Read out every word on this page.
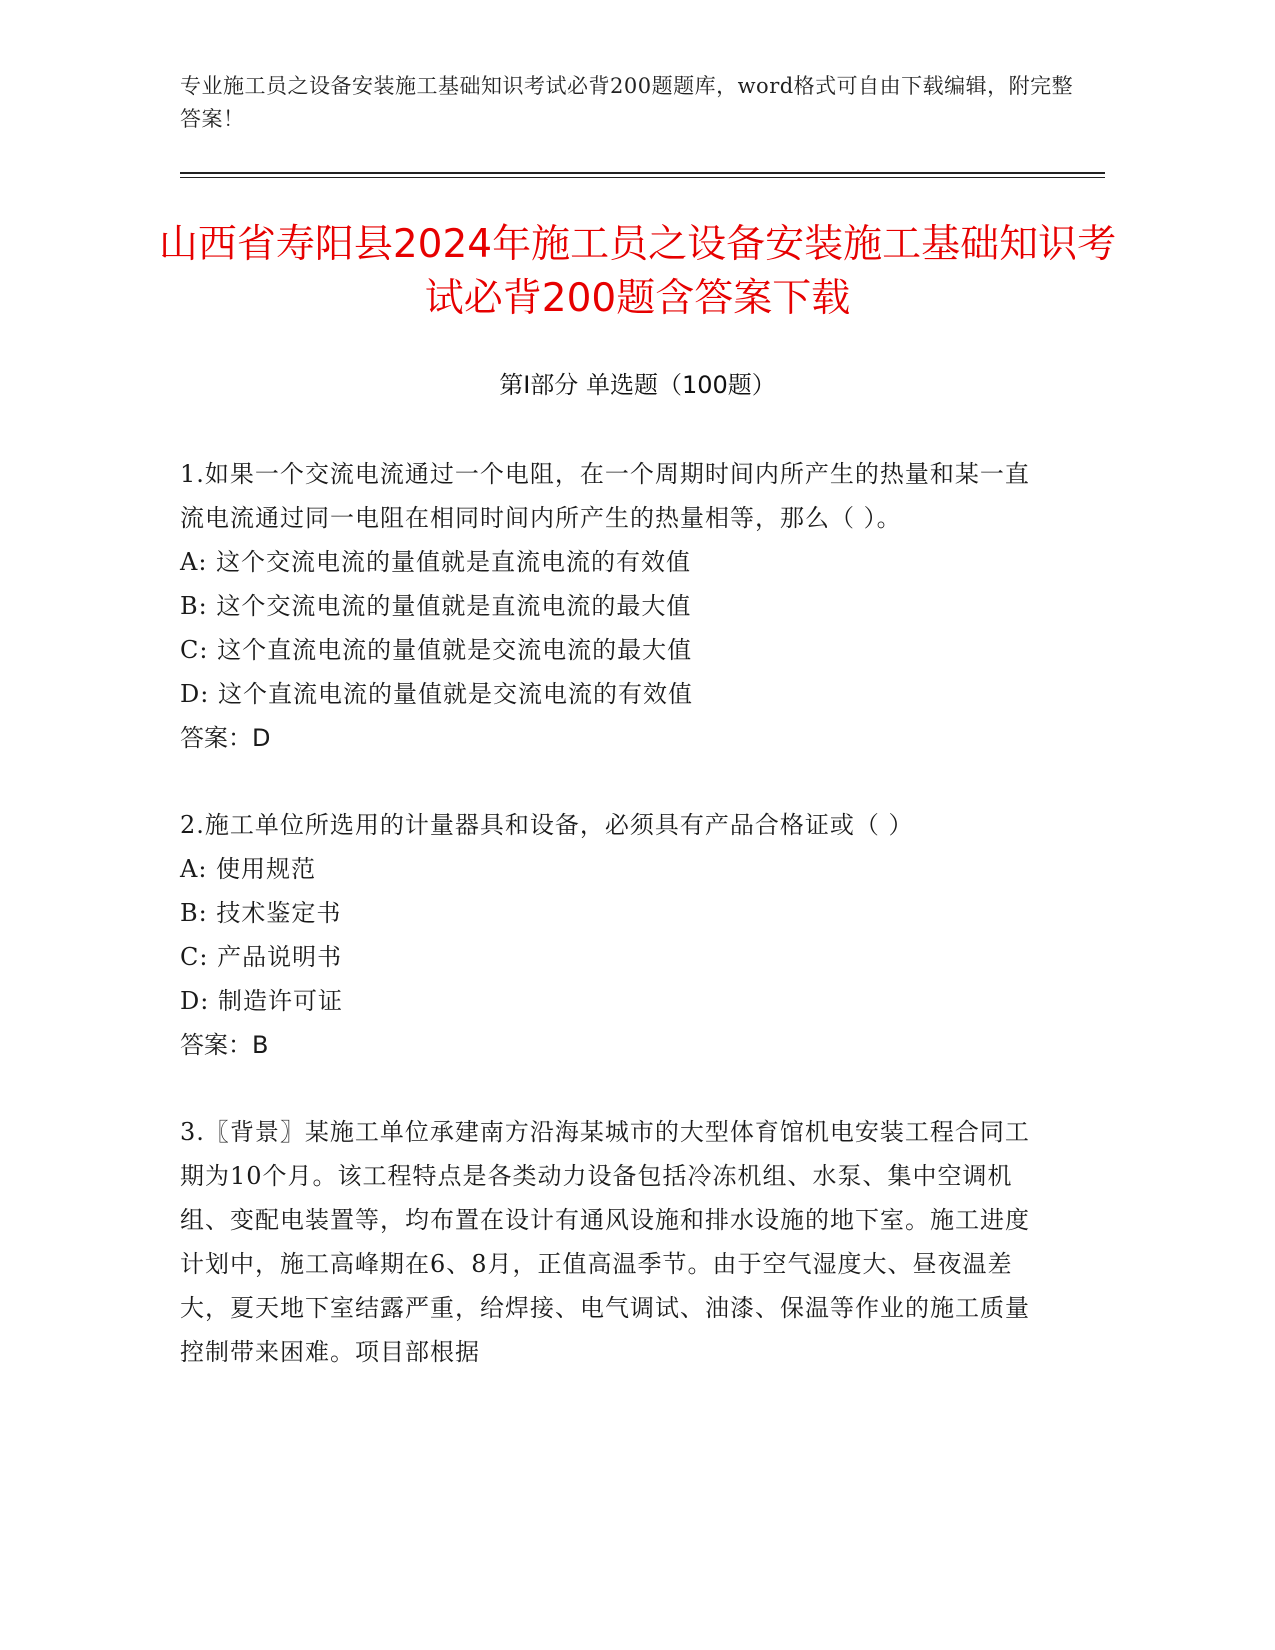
专业施工员之设备安装施工基础知识考试必背200题题库，word格式可自由下载编辑，附完整答案！
山西省寿阳县2024年施工员之设备安装施工基础知识考试必背200题含答案下载
第Ⅰ部分 单选题（100题）

1.如果一个交流电流通过一个电阻，在一个周期时间内所产生的热量和某一直流电流通过同一电阻在相同时间内所产生的热量相等，那么（ ）。

A: 这个交流电流的量值就是直流电流的有效值

B: 这个交流电流的量值就是直流电流的最大值

C: 这个直流电流的量值就是交流电流的最大值

D: 这个直流电流的量值就是交流电流的有效值

答案：D

2.施工单位所选用的计量器具和设备，必须具有产品合格证或（ ）

A: 使用规范

B: 技术鉴定书

C: 产品说明书

D: 制造许可证

答案：B

3.〖背景〗某施工单位承建南方沿海某城市的大型体育馆机电安装工程合同工期为10个月。该工程特点是各类动力设备包括冷冻机组、水泵、集中空调机组、变配电装置等，均布置在设计有通风设施和排水设施的地下室。施工进度计划中，施工高峰期在6、8月，正值高温季节。由于空气湿度大、昼夜温差大，夏天地下室结露严重，给焊接、电气调试、油漆、保温等作业的施工质量控制带来困难。项目部根据
